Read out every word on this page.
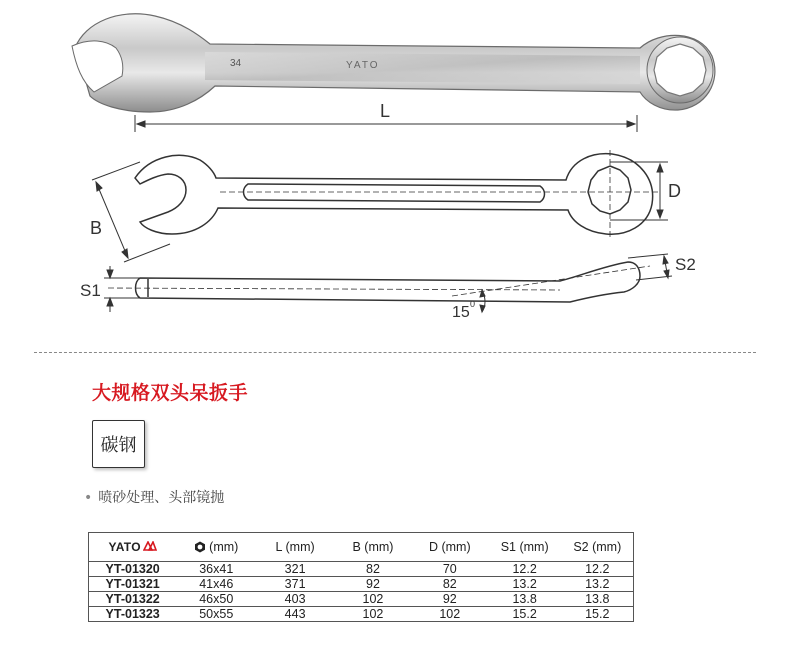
34	YATO
L
D
B
S1
S2
15 0
大规格双头呆扳手
碳钢
• 喷砂处理、头部镜抛
YATO	(mm)	L (mm)	B (mm)	D (mm)	S1 (mm)	S2 (mm)
YT-01320	36x41	321	82	70	12.2	12.2
YT-01321	41x46	371	92	82	13.2	13.2
YT-01322	46x50	403	102	92	13.8	13.8
YT-01323	50x55	443	102	102	15.2	15.2
